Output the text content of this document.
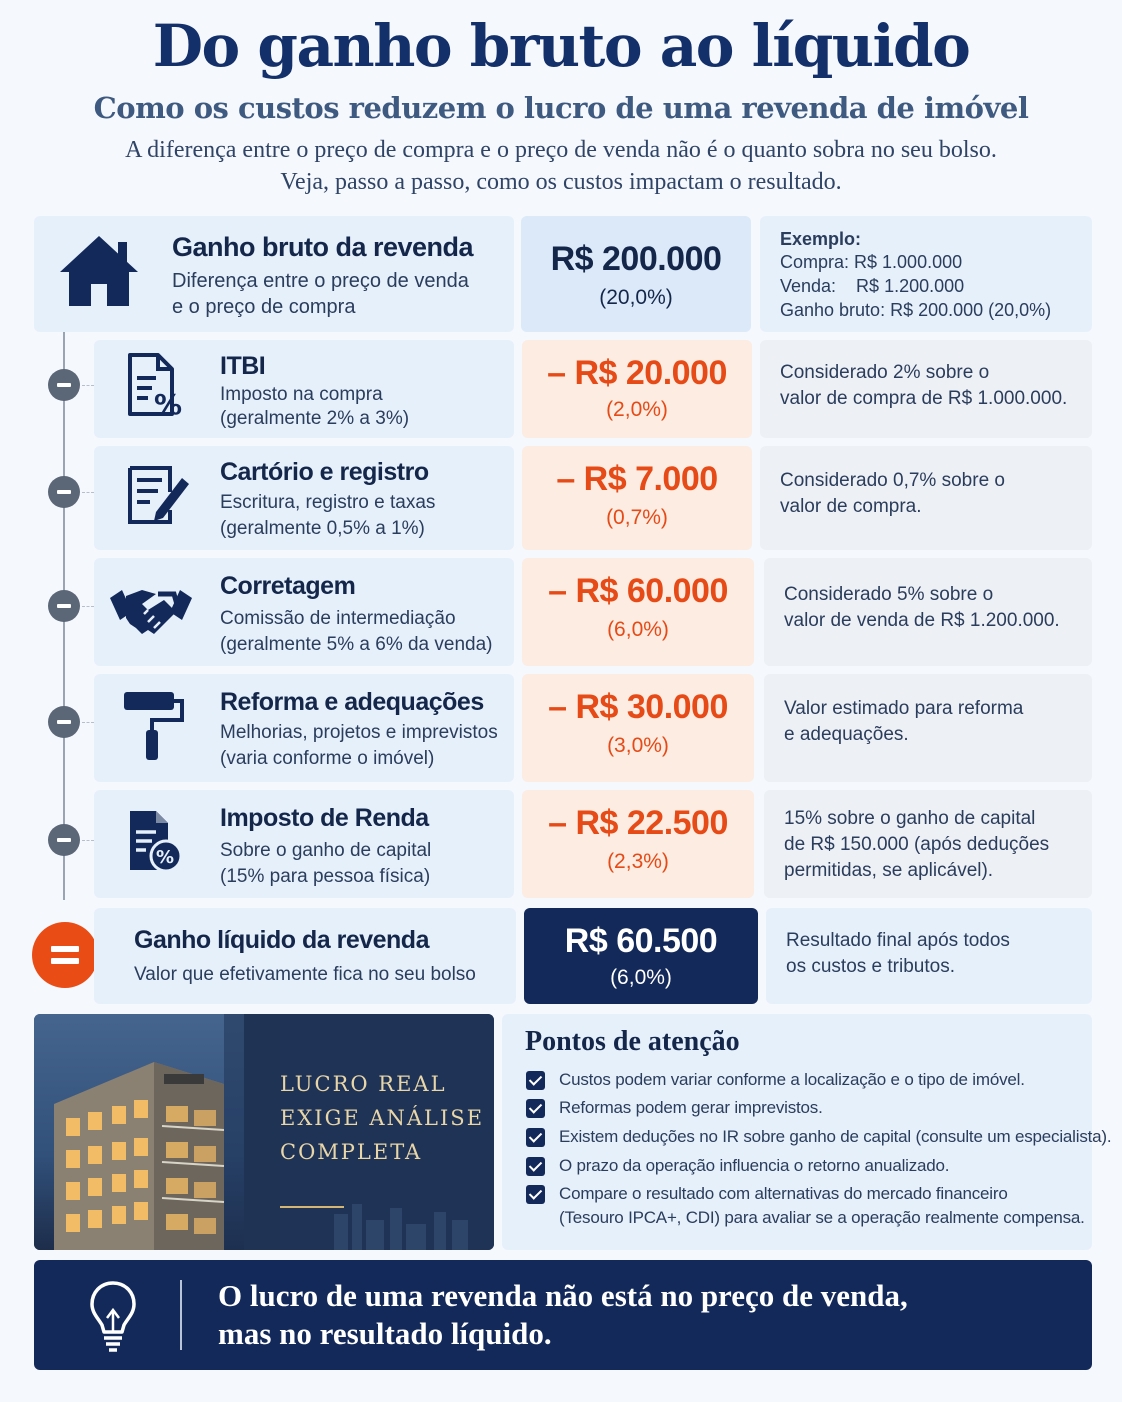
Do ganho bruto ao líquido
Como os custos reduzem o lucro de uma revenda de imóvel

A diferença entre o preço de compra e o preço de venda não é o quanto sobra no seu bolso.

Veja, passo a passo, como os custos impactam o resultado.

Ganho bruto da revenda
Diferença entre o preço de venda
e o preço de compra
R$ 200.000
(20,0%)
Exemplo:
Compra: R$ 1.000.000
Venda:    R$ 1.200.000
Ganho bruto: R$ 200.000 (20,0%)
%
ITBI
Imposto na compra
(geralmente 2% a 3%)
– R$ 20.000
(2,0%)
Considerado 2% sobre o
valor de compra de R$ 1.000.000.
Cartório e registro
Escritura, registro e taxas
(geralmente 0,5% a 1%)
– R$ 7.000
(0,7%)
Considerado 0,7% sobre o
valor de compra.
Corretagem
Comissão de intermediação
(geralmente 5% a 6% da venda)
– R$ 60.000
(6,0%)
Considerado 5% sobre o
valor de venda de R$ 1.200.000.
Reforma e adequações
Melhorias, projetos e imprevistos
(varia conforme o imóvel)
– R$ 30.000
(3,0%)
Valor estimado para reforma
e adequações.
%
Imposto de Renda
Sobre o ganho de capital
(15% para pessoa física)
– R$ 22.500
(2,3%)
15% sobre o ganho de capital
de R$ 150.000 (após deduções
permitidas, se aplicável).
Ganho líquido da revenda
Valor que efetivamente fica no seu bolso
R$ 60.500
(6,0%)
Resultado final após todos
os custos e tributos.
LUCRO REAL
EXIGE ANÁLISE
COMPLETA
Pontos de atenção
Custos podem variar conforme a localização e o tipo de imóvel.
Reformas podem gerar imprevistos.
Existem deduções no IR sobre ganho de capital (consulte um especialista).
O prazo da operação influencia o retorno anualizado.
Compare o resultado com alternativas do mercado financeiro
(Tesouro IPCA+, CDI) para avaliar se a operação realmente compensa.
O lucro de uma revenda não está no preço de venda,
mas no resultado líquido.
